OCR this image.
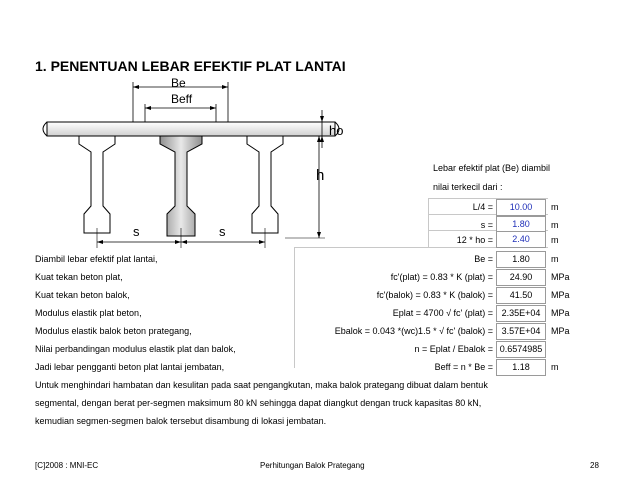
1. PENENTUAN LEBAR EFEKTIF PLAT LANTAI
Be
Beff
ho
h
s	s
Lebar efektif plat (Be) diambil
nilai terkecil dari :
L/4 =	10.00	m
s =	1.80	m
12 * ho =	2.40	m
Diambil lebar efektif plat lantai,	Be =	1.80	m
Kuat tekan beton plat,	fc'(plat) = 0.83 * K (plat) =	24.90	MPa
Kuat tekan beton balok,	fc'(balok) = 0.83 * K (balok) =	41.50	MPa
Modulus elastik plat beton,	Eplat = 4700 √ fc' (plat) = 2.35E+04	MPa
Modulus elastik balok beton prategang,	Ebalok = 0.043 *(wc)1.5 * √ fc' (balok) = 3.57E+04	MPa
Nilai perbandingan modulus elastik plat dan balok,	n = Eplat / Ebalok = 0.6574985
Jadi lebar pengganti beton plat lantai jembatan,	Beff = n * Be =	1.18	m
Untuk menghindari hambatan dan kesulitan pada saat pengangkutan, maka balok prategang dibuat dalam bentuk
segmental, dengan berat per-segmen maksimum 80 kN sehingga dapat diangkut dengan truck kapasitas 80 kN,
kemudian segmen-segmen balok tersebut disambung di lokasi jembatan.
[C]2008 : MNI-EC	Perhitungan Balok Prategang	28
